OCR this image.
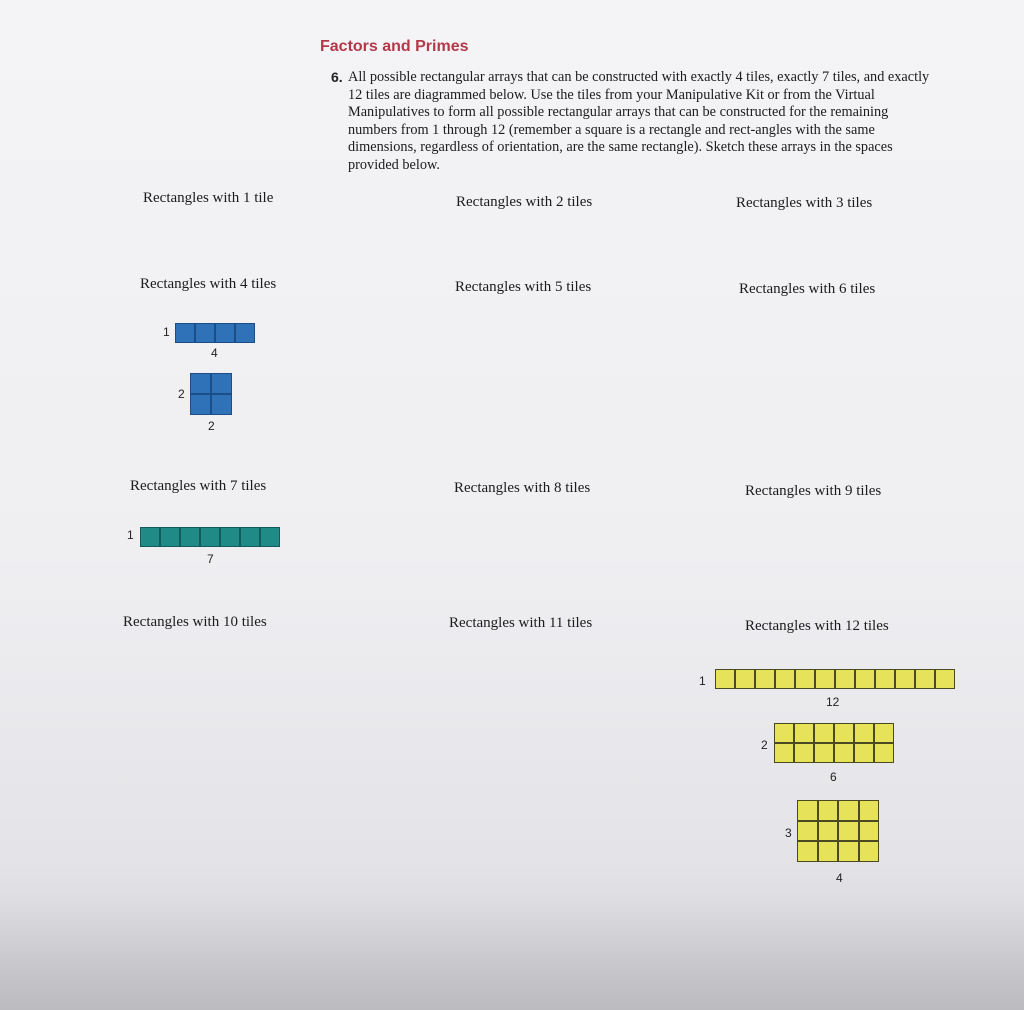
Factors and Primes
6. All possible rectangular arrays that can be constructed with exactly 4 tiles, exactly 7 tiles, and exactly 12 tiles are diagrammed below. Use the tiles from your Manipulative Kit or from the Virtual Manipulatives to form all possible rectangular arrays that can be constructed for the remaining numbers from 1 through 12 (remember a square is a rectangle and rect-angles with the same dimensions, regardless of orientation, are the same rectangle). Sketch these arrays in the spaces provided below.

Rectangles with 1 tile	Rectangles with 2 tiles	Rectangles with 3 tiles
Rectangles with 4 tiles	Rectangles with 5 tiles	Rectangles with 6 tiles
1
4
2
2
Rectangles with 7 tiles	Rectangles with 8 tiles	Rectangles with 9 tiles
1
7
Rectangles with 10 tiles	Rectangles with 11 tiles	Rectangles with 12 tiles
1
12
2
6
3
4
